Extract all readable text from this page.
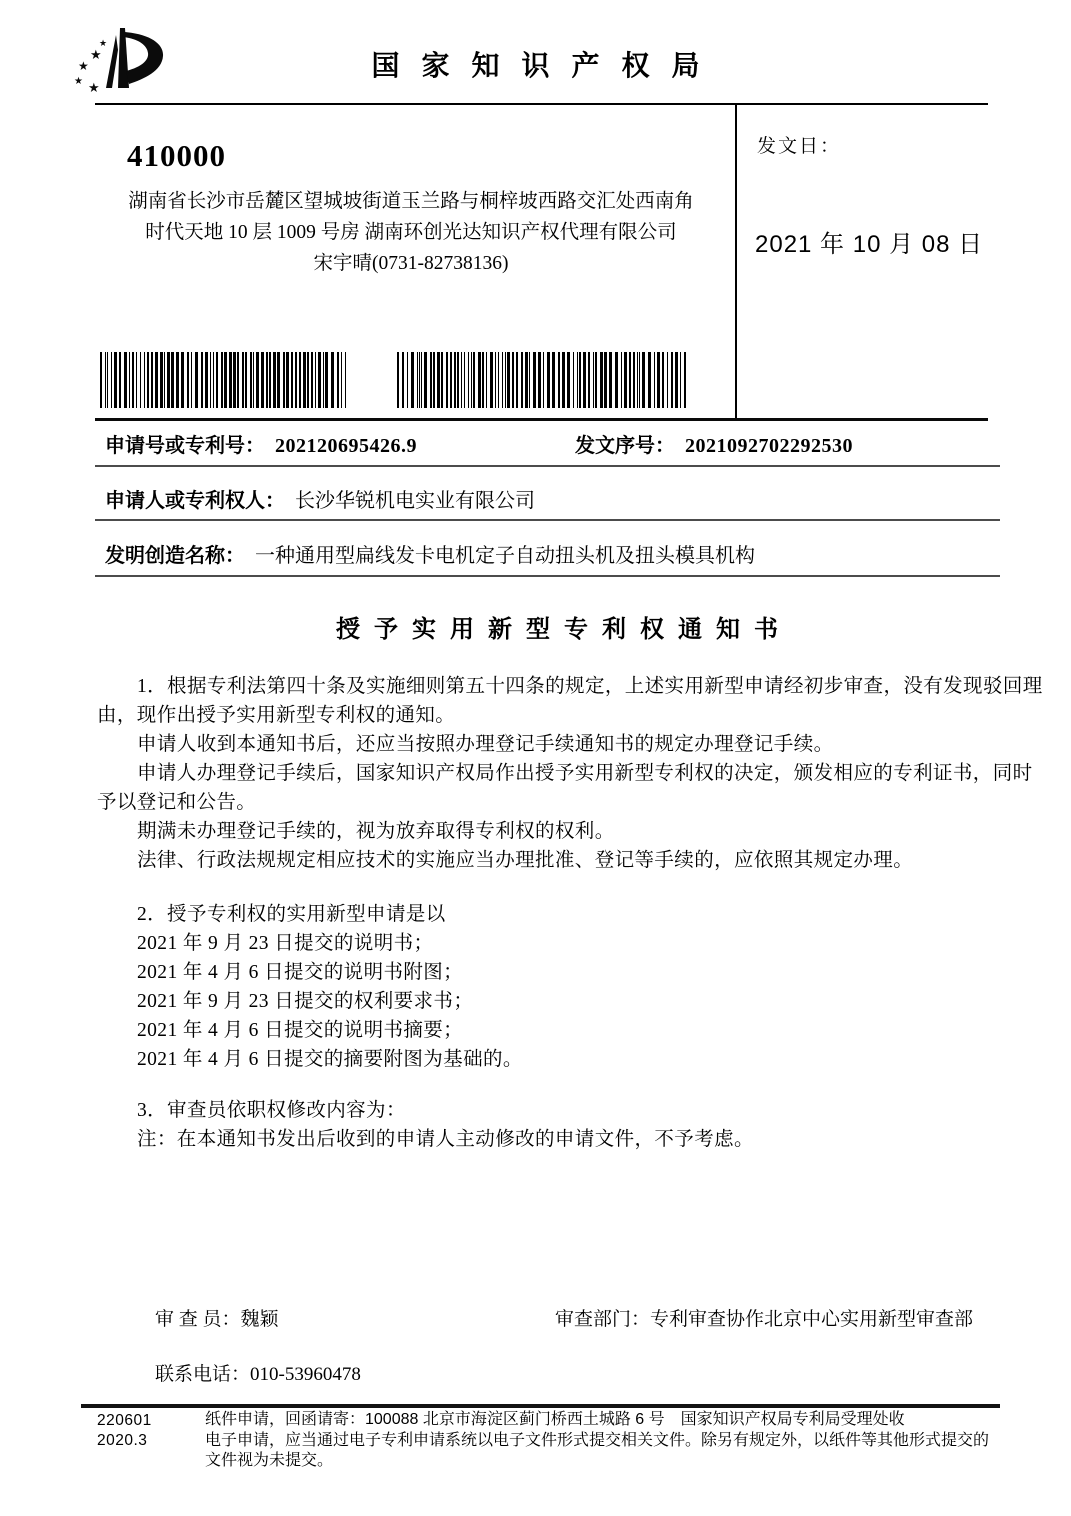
★
★
★
★ ★
国家知识产权局
410000
湖南省长沙市岳麓区望城坡街道玉兰路与桐梓坡西路交汇处西南角
时代天地 10 层 1009 号房 湖南环创光达知识产权代理有限公司
宋宇晴(0731-82738136)
发文日：
2021 年 10 月 08 日
申请号或专利号： 202120695426.9	发文序号： 2021092702292530
申请人或专利权人： 长沙华锐机电实业有限公司
发明创造名称： 一种通用型扁线发卡电机定子自动扭头机及扭头模具机构
授予实用新型专利权通知书
1．根据专利法第四十条及实施细则第五十四条的规定，上述实用新型申请经初步审查，没有发现驳回理
由，现作出授予实用新型专利权的通知。
申请人收到本通知书后，还应当按照办理登记手续通知书的规定办理登记手续。
申请人办理登记手续后，国家知识产权局作出授予实用新型专利权的决定，颁发相应的专利证书，同时
予以登记和公告。
期满未办理登记手续的，视为放弃取得专利权的权利。
法律、行政法规规定相应技术的实施应当办理批准、登记等手续的，应依照其规定办理。
2．授予专利权的实用新型申请是以
2021 年 9 月 23 日提交的说明书；
2021 年 4 月 6 日提交的说明书附图；
2021 年 9 月 23 日提交的权利要求书；
2021 年 4 月 6 日提交的说明书摘要；
2021 年 4 月 6 日提交的摘要附图为基础的。
3．审查员依职权修改内容为：
注：在本通知书发出后收到的申请人主动修改的申请文件，不予考虑。
审 查 员：魏颖	审查部门：专利审查协作北京中心实用新型审查部
联系电话：010-53960478
220601
2020.3
纸件申请，回函请寄：100088 北京市海淀区蓟门桥西土城路 6 号　国家知识产权局专利局受理处收
电子申请，应当通过电子专利申请系统以电子文件形式提交相关文件。除另有规定外，以纸件等其他形式提交的
文件视为未提交。
